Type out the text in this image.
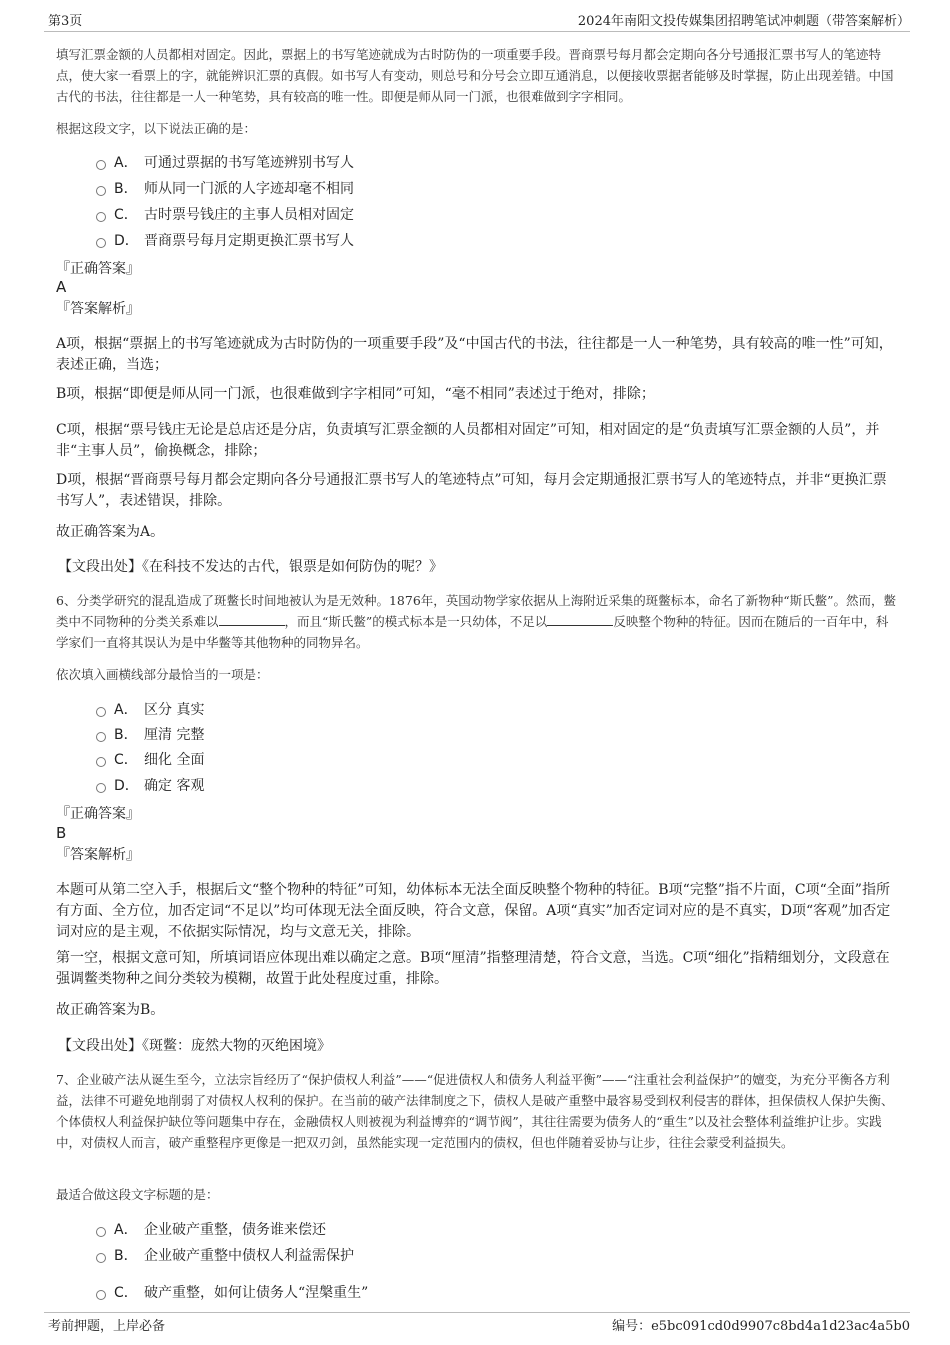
第3页	2024年南阳文投传媒集团招聘笔试冲刺题（带答案解析）
填写汇票金额的人员都相对固定。因此，票据上的书写笔迹就成为古时防伪的一项重要手段。晋商票号每月都会定期向各分号通报汇票书写人的笔迹特点，使大家一看票上的字，就能辨识汇票的真假。如书写人有变动，则总号和分号会立即互通消息，以便接收票据者能够及时掌握，防止出现差错。中国古代的书法，往往都是一人一种笔势，具有较高的唯一性。即便是师从同一门派，也很难做到字字相同。
根据这段文字，以下说法正确的是：
A． 可通过票据的书写笔迹辨别书写人
B． 师从同一门派的人字迹却毫不相同
C． 古时票号钱庄的主事人员相对固定
D． 晋商票号每月定期更换汇票书写人
『正确答案』
A
『答案解析』
A项，根据“票据上的书写笔迹就成为古时防伪的一项重要手段”及“中国古代的书法，往往都是一人一种笔势，具有较高的唯一性”可知，表述正确，当选；
B项，根据“即便是师从同一门派，也很难做到字字相同”可知，“毫不相同”表述过于绝对，排除；
C项，根据“票号钱庄无论是总店还是分店，负责填写汇票金额的人员都相对固定”可知，相对固定的是“负责填写汇票金额的人员”，并非“主事人员”，偷换概念，排除；
D项，根据“晋商票号每月都会定期向各分号通报汇票书写人的笔迹特点”可知，每月会定期通报汇票书写人的笔迹特点，并非“更换汇票书写人”，表述错误，排除。
故正确答案为A。
【文段出处】《在科技不发达的古代，银票是如何防伪的呢？》
6、分类学研究的混乱造成了斑鳖长时间地被认为是无效种。1876年，英国动物学家依据从上海附近采集的斑鳖标本，命名了新物种“斯氏鳖”。然而，鳖类中不同物种的分类关系难以	，而且“斯氏鳖”的模式标本是一只幼体，不足以	反映整个物种的特征。因而在随后的一百年中，科学家们一直将其误认为是中华鳖等其他物种的同物异名。
依次填入画横线部分最恰当的一项是：
A． 区分 真实
B． 厘清 完整
C． 细化 全面
D． 确定 客观
『正确答案』
B
『答案解析』
本题可从第二空入手，根据后文“整个物种的特征”可知，幼体标本无法全面反映整个物种的特征。B项“完整”指不片面，C项“全面”指所有方面、全方位，加否定词“不足以”均可体现无法全面反映，符合文意，保留。A项“真实”加否定词对应的是不真实，D项“客观”加否定词对应的是主观，不依据实际情况，均与文意无关，排除。
第一空，根据文意可知，所填词语应体现出难以确定之意。B项“厘清”指整理清楚，符合文意，当选。C项“细化”指精细划分，文段意在强调鳖类物种之间分类较为模糊，故置于此处程度过重，排除。
故正确答案为B。
【文段出处】《斑鳖：庞然大物的灭绝困境》
7、企业破产法从诞生至今，立法宗旨经历了“保护债权人利益”——“促进债权人和债务人利益平衡”——“注重社会利益保护”的嬗变，为充分平衡各方利益，法律不可避免地削弱了对债权人权利的保护。在当前的破产法律制度之下，债权人是破产重整中最容易受到权利侵害的群体，担保债权人保护失衡、个体债权人利益保护缺位等问题集中存在，金融债权人则被视为利益博弈的“调节阀”，其往往需要为债务人的“重生”以及社会整体利益维护让步。实践中，对债权人而言，破产重整程序更像是一把双刃剑，虽然能实现一定范围内的债权，但也伴随着妥协与让步，往往会蒙受利益损失。
最适合做这段文字标题的是：
A． 企业破产重整，债务谁来偿还
B． 企业破产重整中债权人利益需保护
C． 破产重整，如何让债务人“涅槃重生”
考前押题，上岸必备	编号：e5bc091cd0d9907c8bd4a1d23ac4a5b0
